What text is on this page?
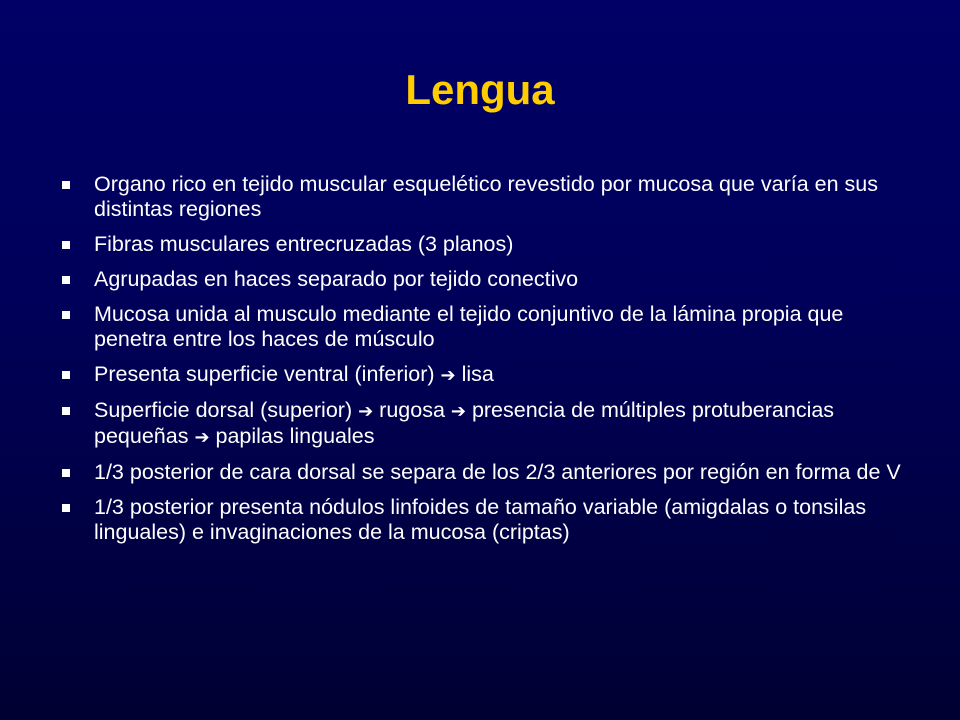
Lengua
Organo rico en tejido muscular esquelético revestido por mucosa que varía en sus distintas regiones
Fibras musculares entrecruzadas (3 planos)
Agrupadas en haces separado por tejido conectivo
Mucosa unida al musculo mediante el tejido conjuntivo de la lámina propia que penetra entre los haces de músculo
Presenta superficie ventral (inferior) ➔ lisa
Superficie dorsal (superior) ➔ rugosa ➔ presencia de múltiples protuberancias pequeñas ➔ papilas linguales
1/3 posterior de cara dorsal se separa de los 2/3 anteriores por región en forma de V
1/3 posterior presenta nódulos linfoides de tamaño variable (amigdalas o tonsilas linguales) e invaginaciones de la mucosa (criptas)
